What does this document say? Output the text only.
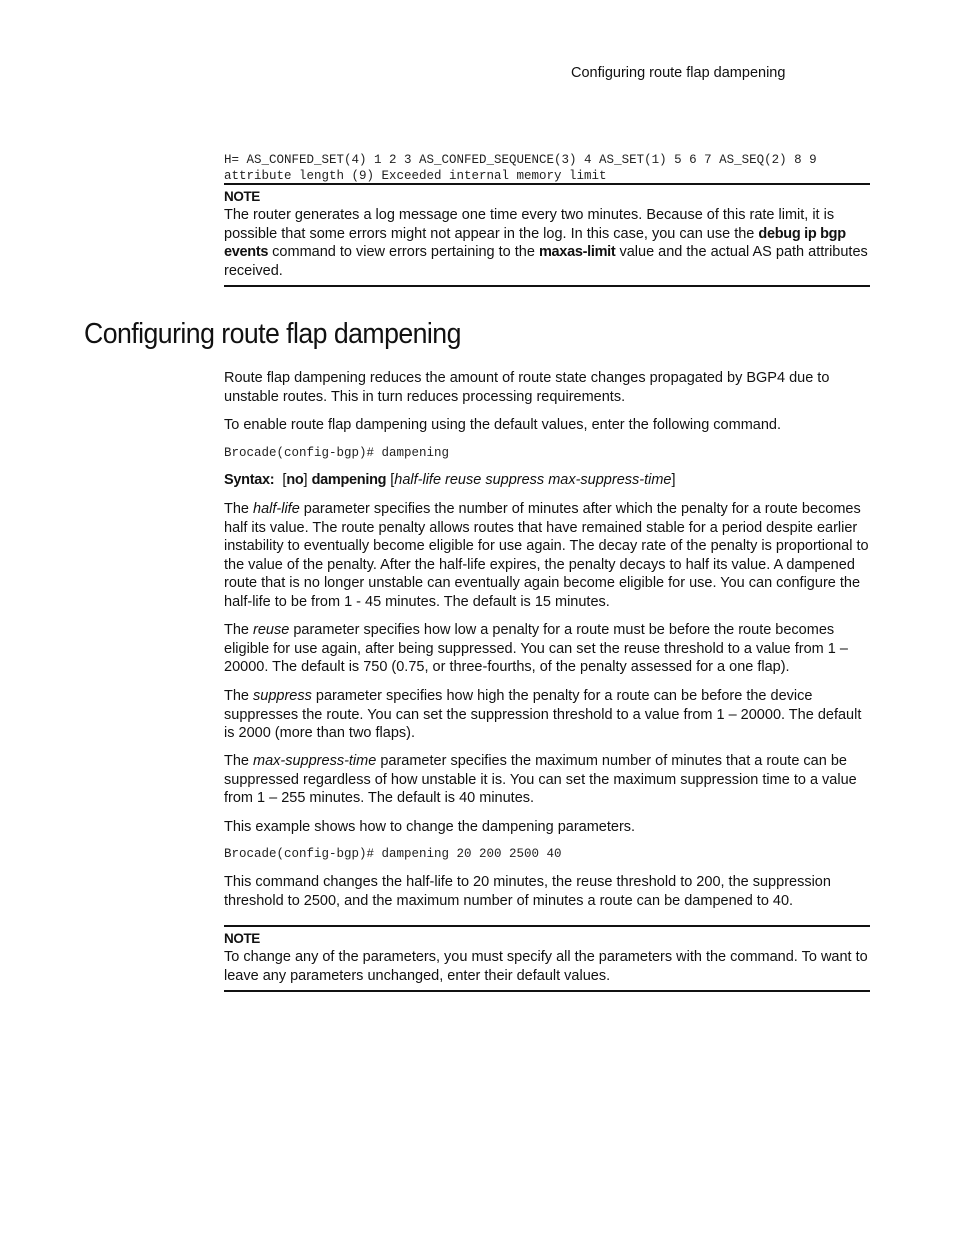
Configuring route flap dampening

H= AS_CONFED_SET(4) 1 2 3 AS_CONFED_SEQUENCE(3) 4 AS_SET(1) 5 6 7 AS_SEQ(2) 8 9
attribute length (9) Exceeded internal memory limit

NOTE

The router generates a log message one time every two minutes. Because of this rate limit, it is possible that some errors might not appear in the log. In this case, you can use the debug ip bgp events command to view errors pertaining to the maxas-limit value and the actual AS path attributes received.

Configuring route flap dampening

Route flap dampening reduces the amount of route state changes propagated by BGP4 due to unstable routes. This in turn reduces processing requirements.

To enable route flap dampening using the default values, enter the following command.

Brocade(config-bgp)# dampening
Syntax: [no] dampening [half-life reuse suppress max-suppress-time]

The half-life parameter specifies the number of minutes after which the penalty for a route becomes half its value. The route penalty allows routes that have remained stable for a period despite earlier instability to eventually become eligible for use again. The decay rate of the penalty is proportional to the value of the penalty. After the half-life expires, the penalty decays to half its value. A dampened route that is no longer unstable can eventually again become eligible for use. You can configure the half-life to be from 1 - 45 minutes. The default is 15 minutes.

The reuse parameter specifies how low a penalty for a route must be before the route becomes eligible for use again, after being suppressed. You can set the reuse threshold to a value from 1 – 20000. The default is 750 (0.75, or three-fourths, of the penalty assessed for a one flap).

The suppress parameter specifies how high the penalty for a route can be before the device suppresses the route. You can set the suppression threshold to a value from 1 – 20000. The default is 2000 (more than two flaps).

The max-suppress-time parameter specifies the maximum number of minutes that a route can be suppressed regardless of how unstable it is. You can set the maximum suppression time to a value from 1 – 255 minutes. The default is 40 minutes.

This example shows how to change the dampening parameters.

Brocade(config-bgp)# dampening 20 200 2500 40

This command changes the half-life to 20 minutes, the reuse threshold to 200, the suppression threshold to 2500, and the maximum number of minutes a route can be dampened to 40.

NOTE

To change any of the parameters, you must specify all the parameters with the command. To want to leave any parameters unchanged, enter their default values.
